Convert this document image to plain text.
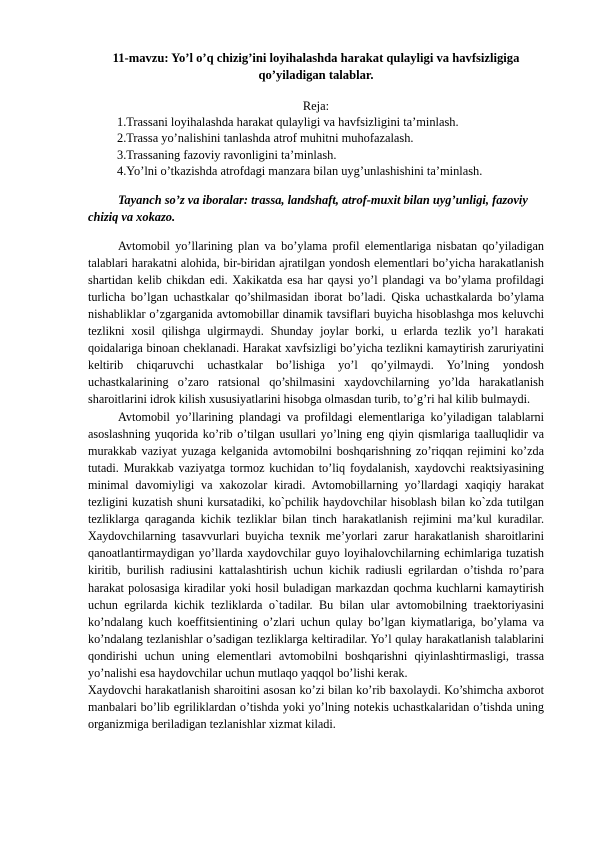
11-mavzu: Yo’l o’q chizig’ini loyihalashda harakat qulayligi va havfsizligiga qo’yiladigan talablar.

Reja:

1.Trassani loyihalashda harakat qulayligi va havfsizligini ta’minlash.
2.Trassa yo’nalishini tanlashda atrof muhitni muhofazalash.
3.Trassaning fazoviy ravonligini ta’minlash.
4.Yo’lni o’tkazishda atrofdagi manzara bilan uyg’unlashishini ta’minlash.

Tayanch so’z va iboralar: trassa, landshaft, atrof-muxit bilan uyg’unligi, fazoviy chiziq va xokazo.

Avtomobil yo’llarining plan va bo’ylama profil elementlariga nisbatan qo’yiladigan talablari harakatni alohida, bir-biridan ajratilgan yondosh elementlari bo’yicha harakatlanish shartidan kelib chikdan edi. Xakikatda esa har qaysi yo’l plandagi va bo’ylama profildagi turlicha bo’lgan uchastkalar qo’shilmasidan iborat bo’ladi. Qiska uchastkalarda bo’ylama nishabliklar o’zgarganida avtomobillar dinamik tavsiflari buyicha hisoblashga mos keluvchi tezlikni xosil qilishga ulgirmaydi. Shunday joylar borki, u erlarda tezlik yo’l harakati qoidalariga binoan cheklanadi. Harakat xavfsizligi bo’yicha tezlikni kamaytirish zaruriyatini keltirib chiqaruvchi uchastkalar bo’lishiga yo’l qo’yilmaydi. Yo’lning yondosh uchastkalarining o’zaro ratsional qo’shilmasini xaydovchilarning yo’lda harakatlanish sharoitlarini idrok kilish xususiyatlarini hisobga olmasdan turib, to’g’ri hal kilib bulmaydi.

Avtomobil yo’llarining plandagi va profildagi elementlariga ko’yiladigan talablarni asoslashning yuqorida ko’rib o’tilgan usullari yo’lning eng qiyin qismlariga taalluqlidir va murakkab vaziyat yuzaga kelganida avtomobilni boshqarishning zo’riqqan rejimini ko’zda tutadi. Murakkab vaziyatga tormoz kuchidan to’liq foydalanish, xaydovchi reaktsiyasining minimal davomiyligi va xakozolar kiradi. Avtomobillarning yo’llardagi xaqiqiy harakat tezligini kuzatish shuni kursatadiki, ko`pchilik haydovchilar hisoblash bilan ko`zda tutilgan tezliklarga qaraganda kichik tezliklar bilan tinch harakatlanish rejimini ma’kul kuradilar. Xaydovchilarning tasavvurlari buyicha texnik me’yorlari zarur harakatlanish sharoitlarini qanoatlantirmaydigan yo’llarda xaydovchilar guyo loyihalovchilarning echimlariga tuzatish kiritib, burilish radiusini kattalashtirish uchun kichik radiusli egrilardan o’tishda ro’para harakat polosasiga kiradilar yoki hosil buladigan markazdan qochma kuchlarni kamaytirish uchun egrilarda kichik tezliklarda o`tadilar. Bu bilan ular avtomobilning traektoriyasini ko’ndalang kuch koeffitsientining o’zlari uchun qulay bo’lgan kiymatlariga, bo’ylama va ko’ndalang tezlanishlar o’sadigan tezliklarga keltiradilar. Yo’l qulay harakatlanish talablarini qondirishi uchun uning elementlari avtomobilni boshqarishni qiyinlashtirmasligi, trassa yo’nalishi esa haydovchilar uchun mutlaqo yaqqol bo’lishi kerak.

Xaydovchi harakatlanish sharoitini asosan ko’zi bilan ko’rib baxolaydi. Ko’shimcha axborot manbalari bo’lib egriliklardan o’tishda yoki yo’lning notekis uchastkalaridan o’tishda uning organizmiga beriladigan tezlanishlar xizmat kiladi.
